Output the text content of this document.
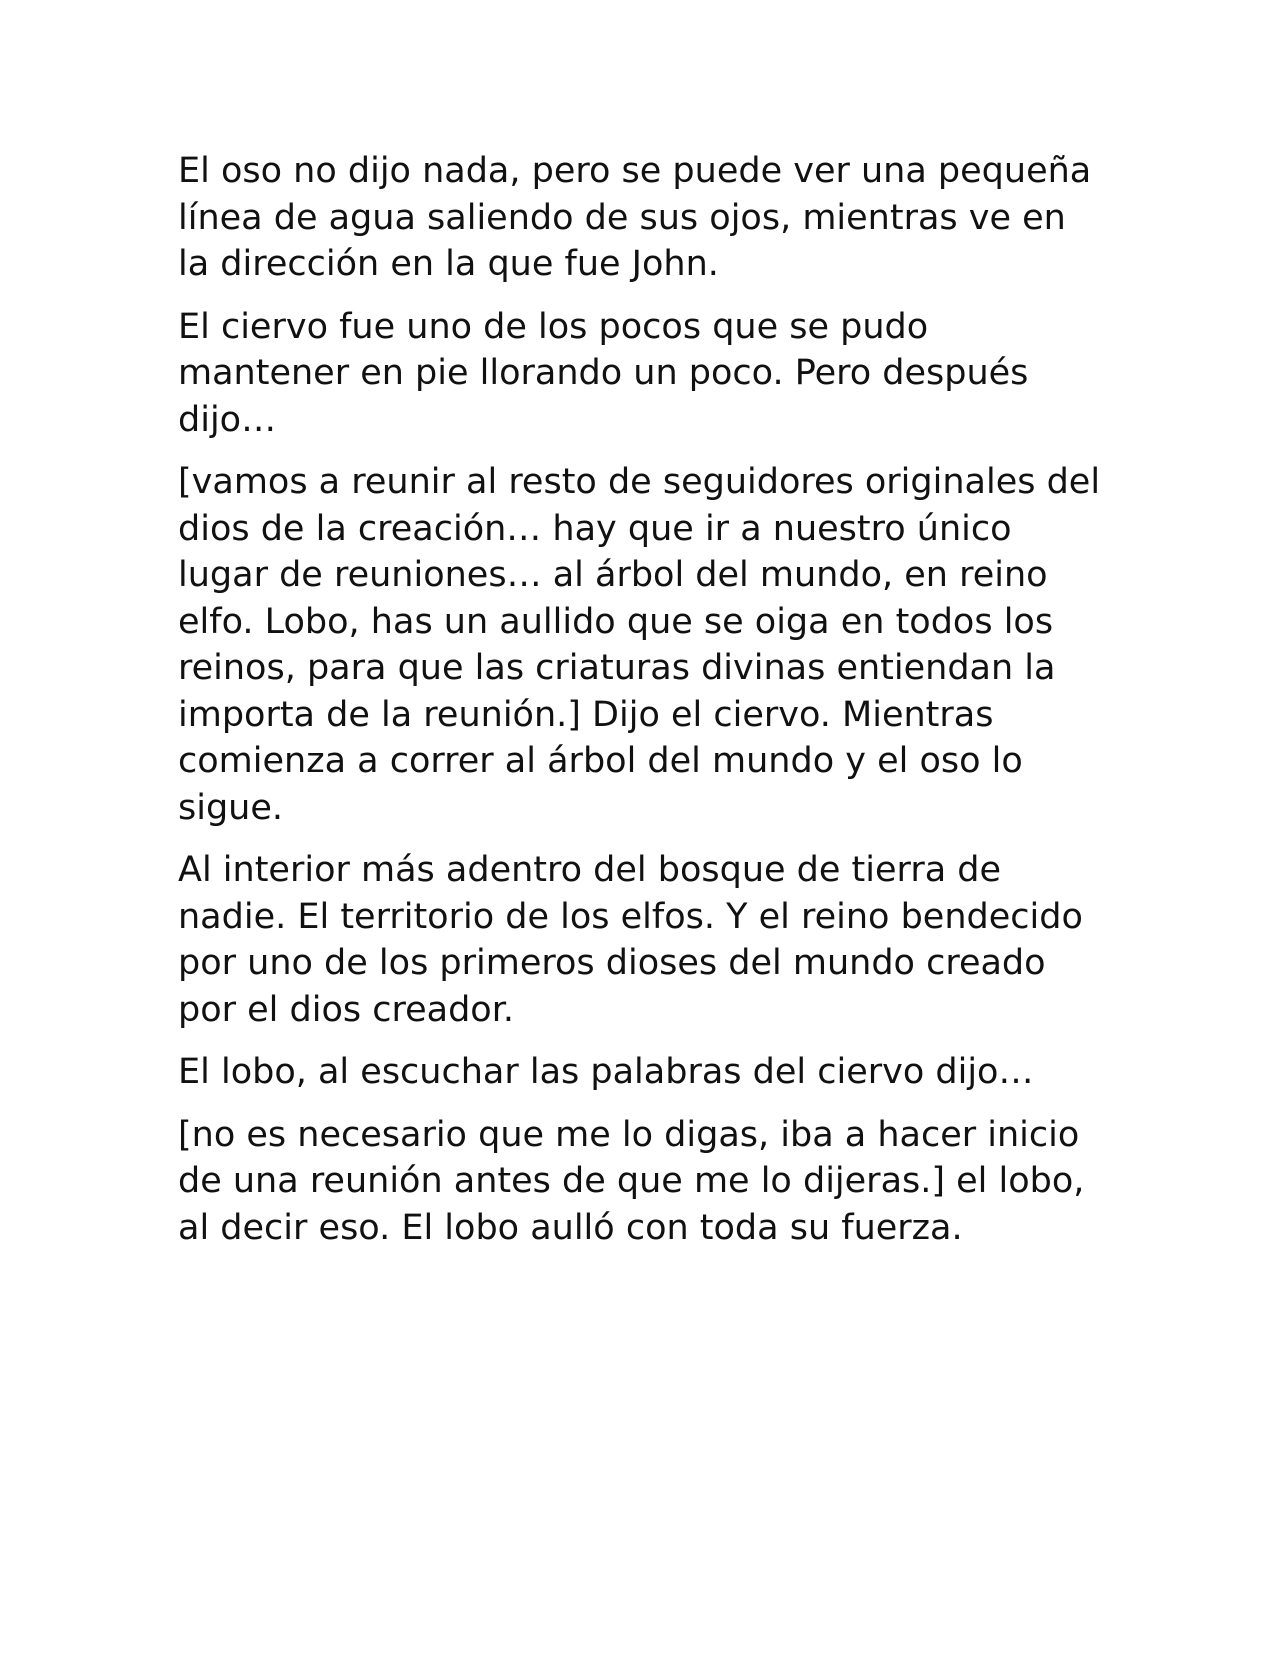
El oso no dijo nada, pero se puede ver una pequeña línea de agua saliendo de sus ojos, mientras ve en la dirección en la que fue John.

El ciervo fue uno de los pocos que se pudo mantener en pie llorando un poco. Pero después dijo…

[vamos a reunir al resto de seguidores originales del dios de la creación… hay que ir a nuestro único lugar de reuniones… al árbol del mundo, en reino elfo. Lobo, has un aullido que se oiga en todos los reinos, para que las criaturas divinas entiendan la importa de la reunión.] Dijo el ciervo. Mientras comienza a correr al árbol del mundo y el oso lo sigue.

Al interior más adentro del bosque de tierra de nadie. El territorio de los elfos. Y el reino bendecido por uno de los primeros dioses del mundo creado por el dios creador.

El lobo, al escuchar las palabras del ciervo dijo…

[no es necesario que me lo digas, iba a hacer inicio de una reunión antes de que me lo dijeras.] el lobo, al decir eso. El lobo aulló con toda su fuerza.
